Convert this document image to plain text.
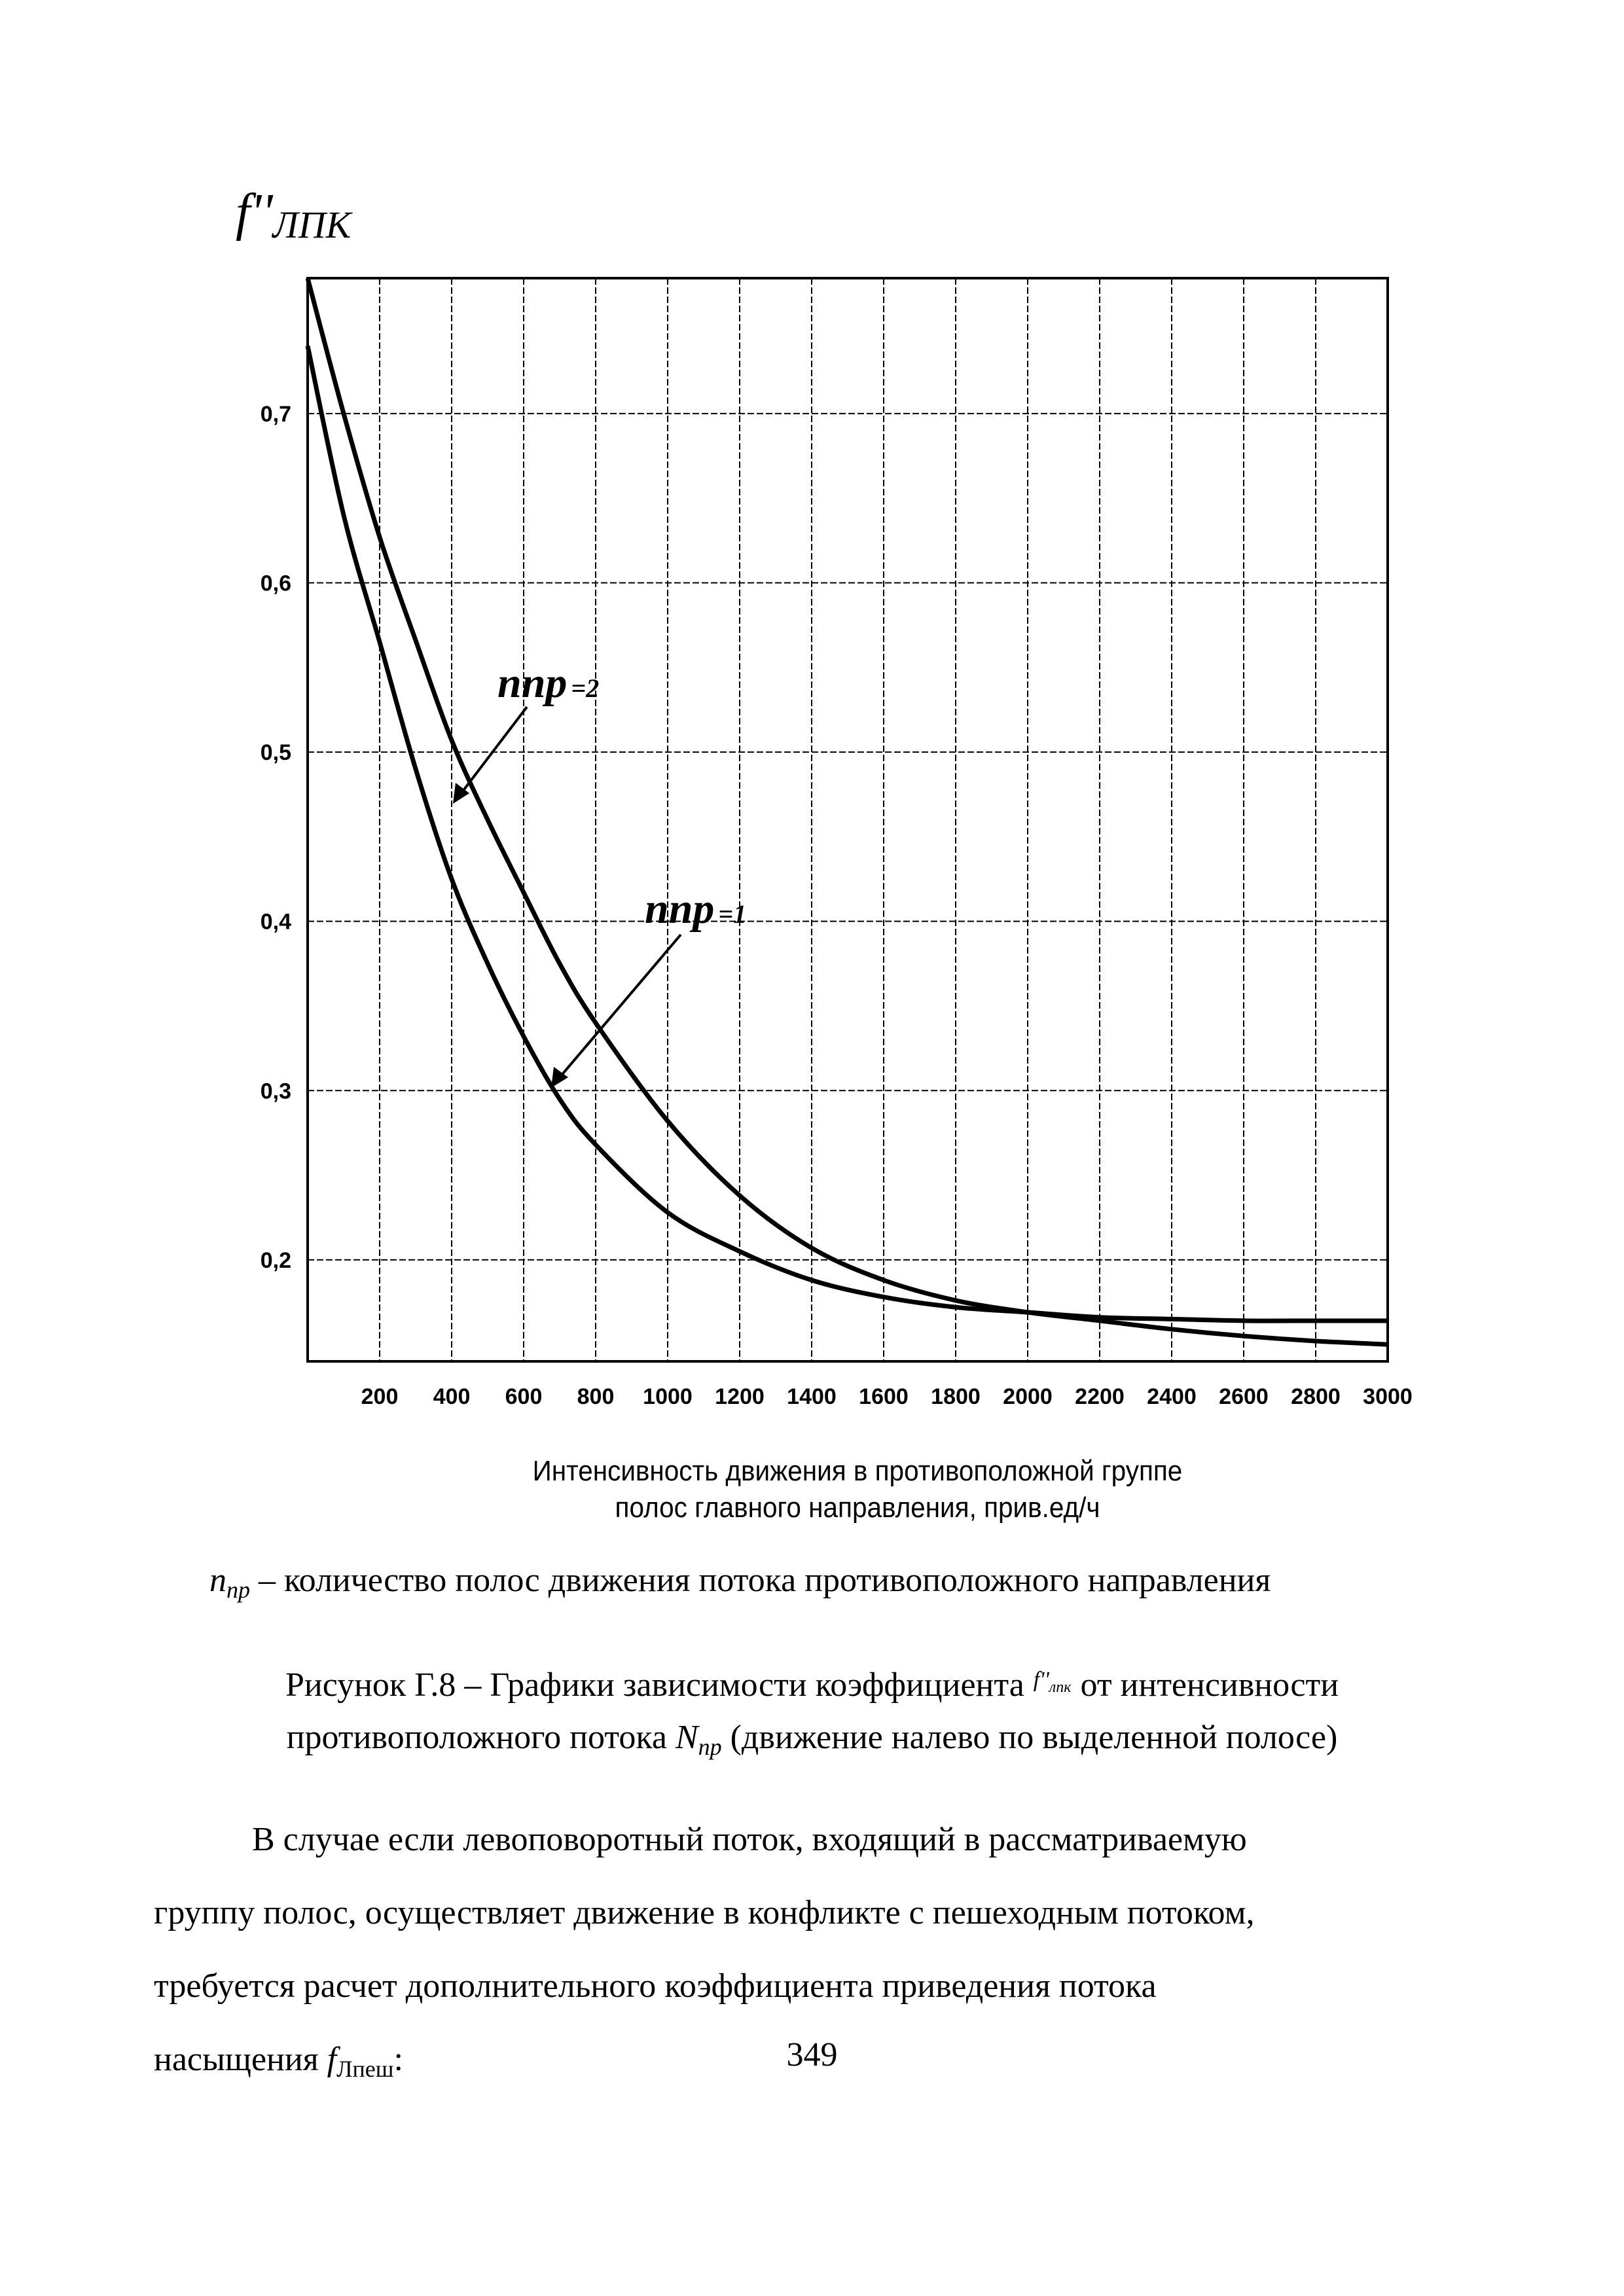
$f''_{ЛПК}$
0,2
0,3
0,4
0,5
0,6
0,7
200 400 600 800 1000 1200 1400 1600 1800 2000 2200 2400 2600 2800 3000
nпр =2
nпр =1
Интенсивность движения в противоположной группе
полос главного направления, прив.ед/ч
nпр – количество полос движения потока противоположного направления
Рисунок Г.8 – Графики зависимости коэффициента $f''_{лпк}$ от интенсивности
противоположного потока Nпр (движение налево по выделенной полосе)

В случае если левоповоротный поток, входящий в рассматриваемую

группу полос, осуществляет движение в конфликте с пешеходным потоком,

требуется расчет дополнительного коэффициента приведения потока

насыщения fЛпеш:	349
